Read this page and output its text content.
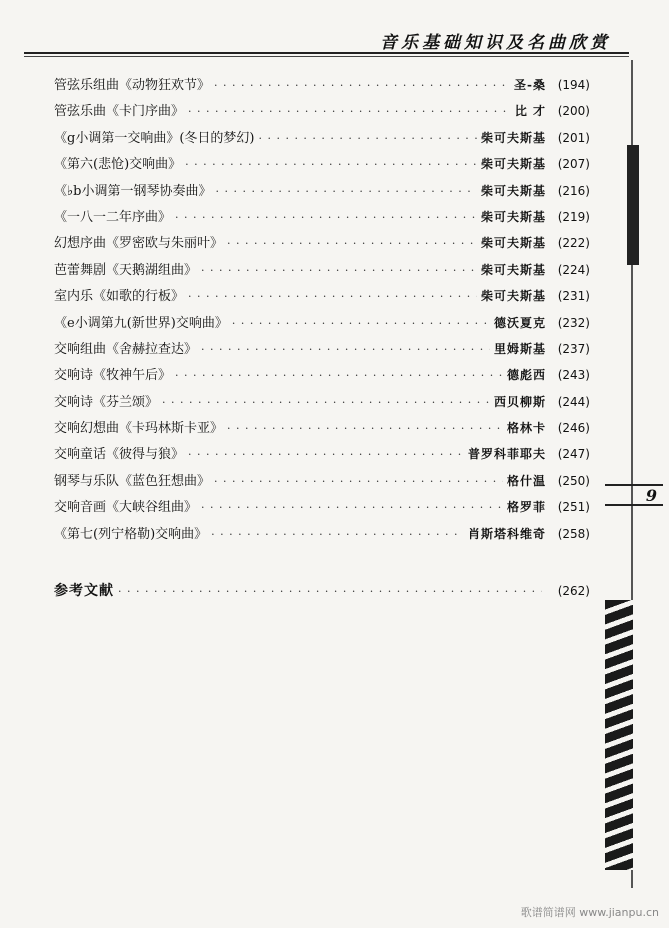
音乐基础知识及名曲欣赏
管弦乐组曲《动物狂欢节》 · · ·	圣-桑 (194)
管弦乐曲《卡门序曲》 · · ·	比 才 (200)
《g小调第一交响曲》(冬日的梦幻) · · ·	柴可夫斯基 (201)
《第六(悲怆)交响曲》 · · ·	柴可夫斯基 (207)
《♭b小调第一钢琴协奏曲》 · · ·	柴可夫斯基 (216)
《一八一二年序曲》 · · ·	柴可夫斯基 (219)
幻想序曲《罗密欧与朱丽叶》 · · ·	柴可夫斯基 (222)
芭蕾舞剧《天鹅湖组曲》 · · ·	柴可夫斯基 (224)
室内乐《如歌的行板》 · · ·	柴可夫斯基 (231)
《e小调第九(新世界)交响曲》 · · ·	德沃夏克 (232)
交响组曲《舍赫拉查达》 · · ·	里姆斯基 (237)
交响诗《牧神午后》 · · ·	德彪西 (243)
交响诗《芬兰颂》 · · ·	西贝柳斯 (244)
交响幻想曲《卡玛林斯卡亚》 · · ·	格林卡 (246)
交响童话《彼得与狼》 · · ·	普罗科菲耶夫 (247)
钢琴与乐队《蓝色狂想曲》 · · ·	格什温 (250)
交响音画《大峡谷组曲》 · · ·	格罗菲 (251)
《第七(列宁格勒)交响曲》 · · ·	肖斯塔科维奇 (258)
参考文献 · · ·	(262)
9
歌谱简谱网 www.jianpu.cn
